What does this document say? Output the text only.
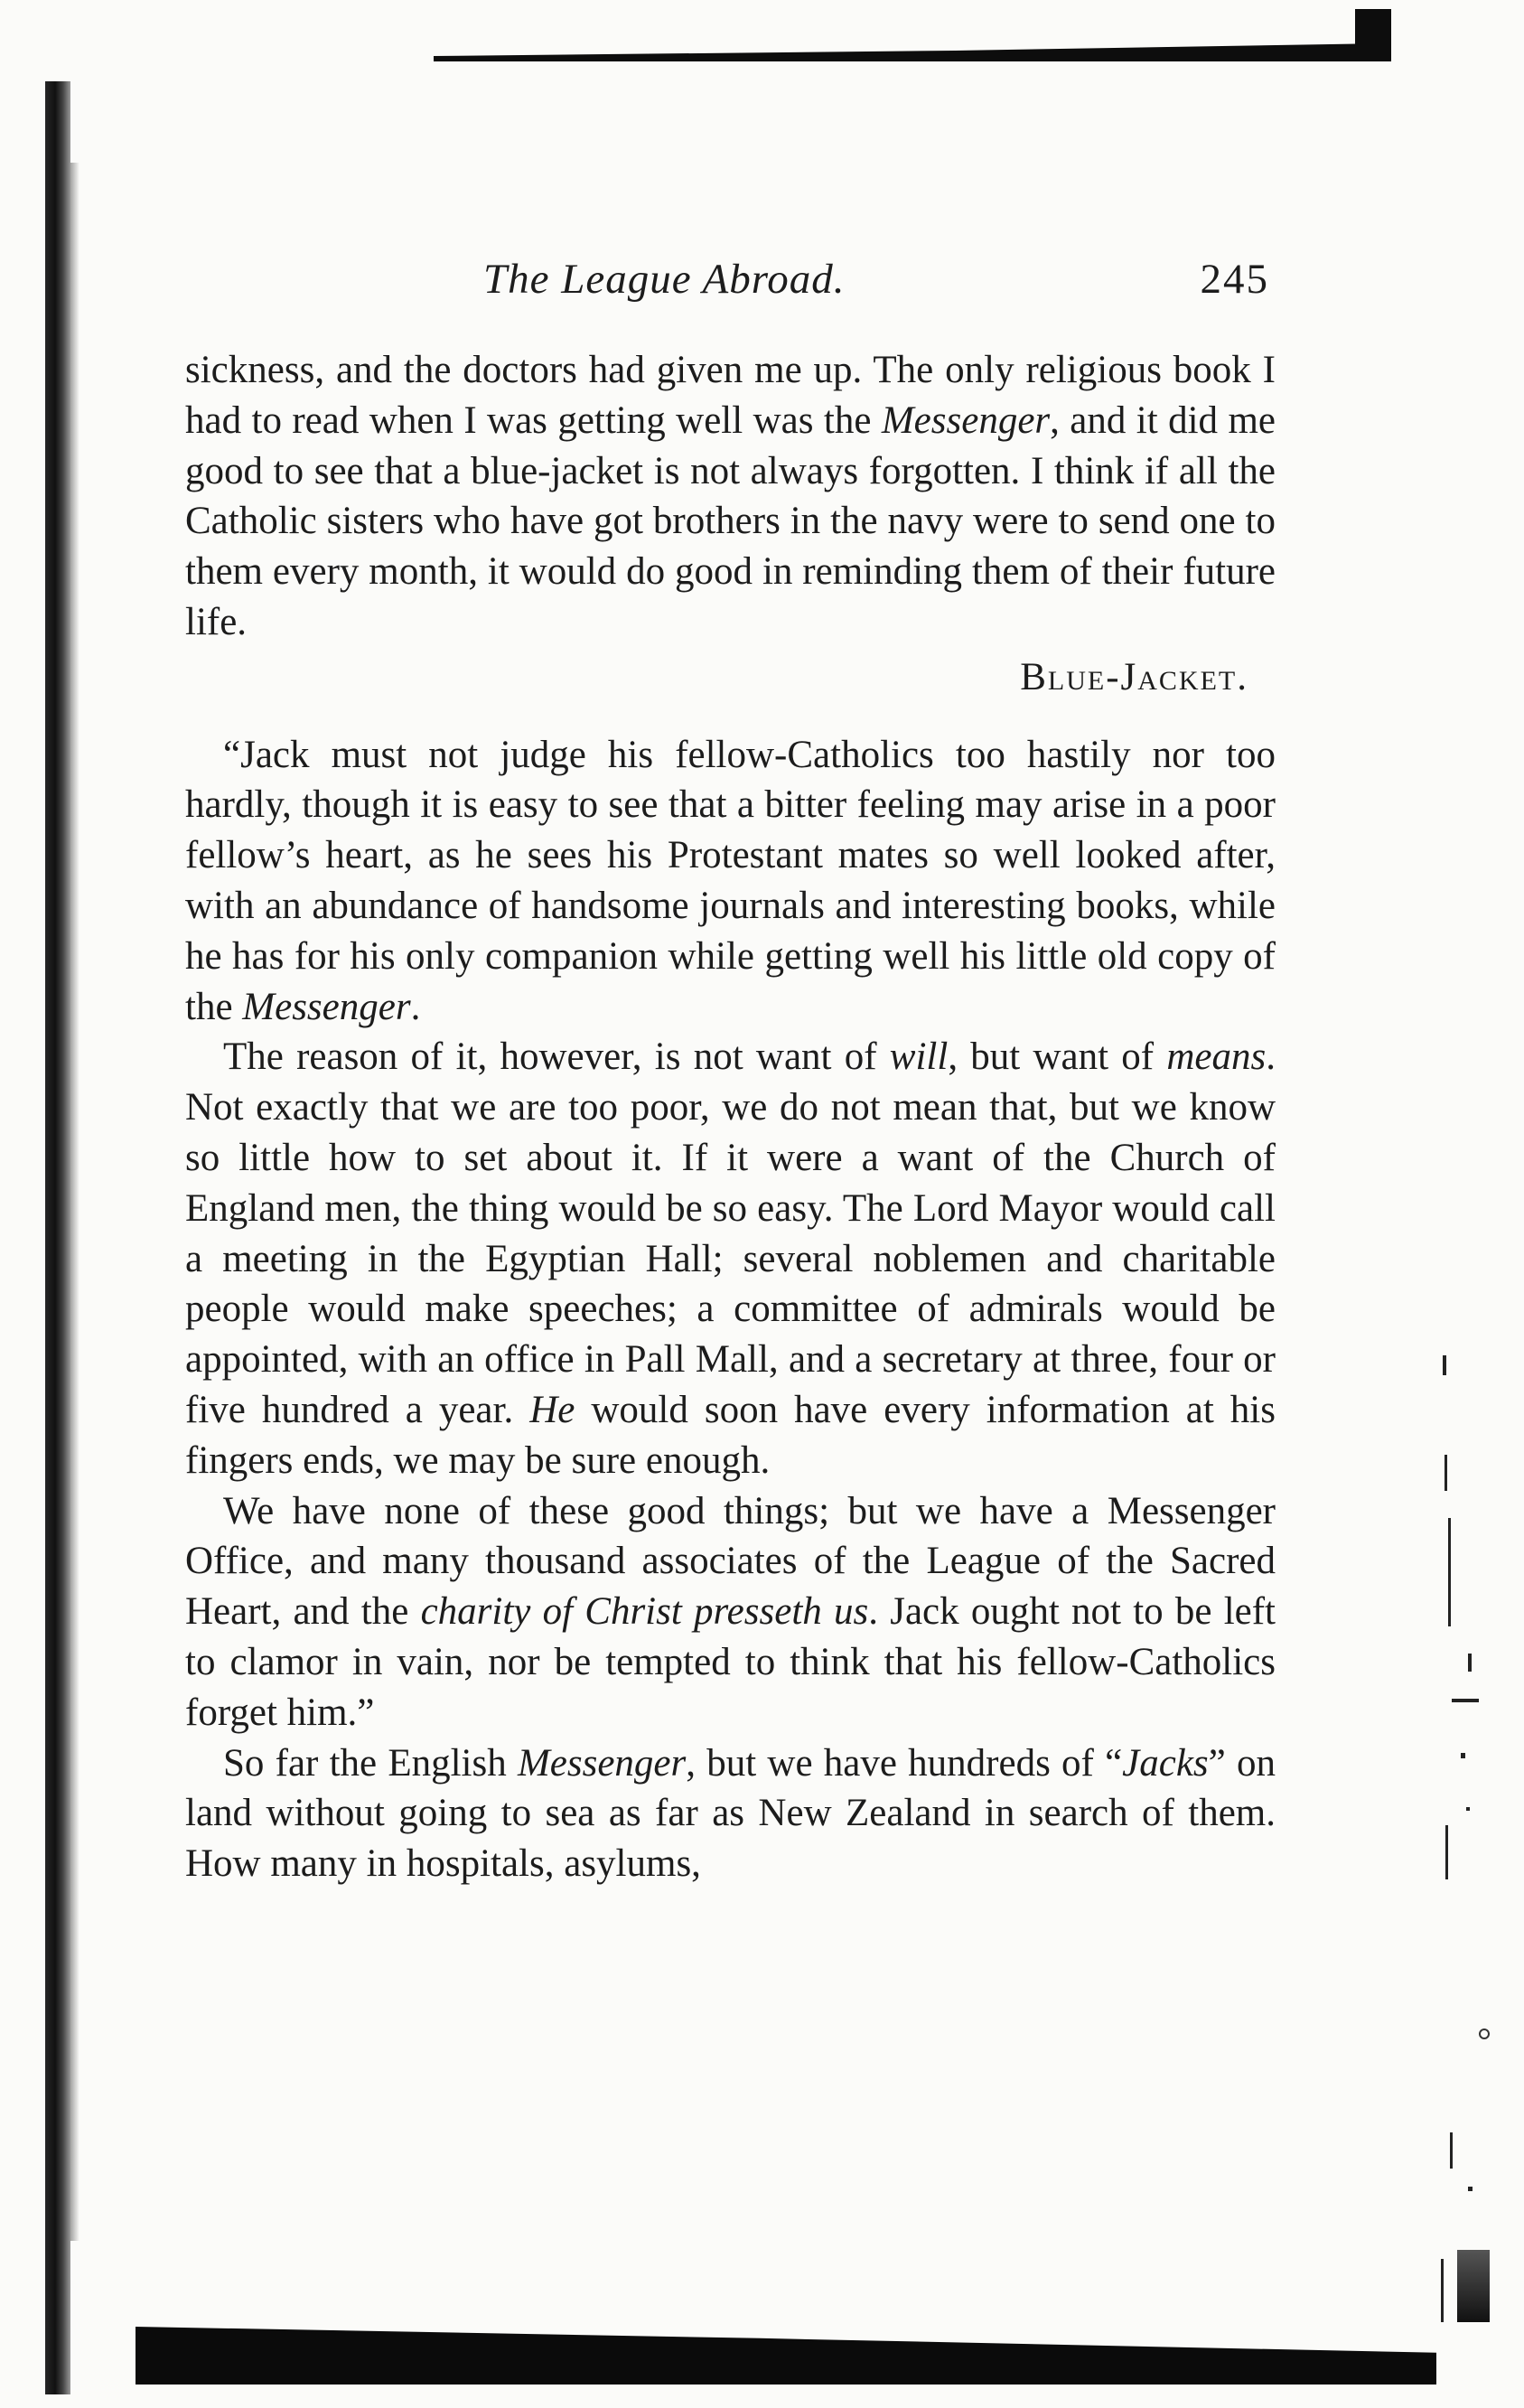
The League Abroad.	245

sickness, and the doctors had given me up. The only religious book I had to read when I was getting well was the Messenger, and it did me good to see that a blue-jacket is not always forgotten. I think if all the Catholic sisters who have got brothers in the navy were to send one to them every month, it would do good in reminding them of their future life.

Blue-Jacket.

“Jack must not judge his fellow-Catholics too hastily nor too hardly, though it is easy to see that a bitter feeling may arise in a poor fellow’s heart, as he sees his Protestant mates so well looked after, with an abundance of handsome journals and interesting books, while he has for his only companion while getting well his little old copy of the Messenger.

The reason of it, however, is not want of will, but want of means. Not exactly that we are too poor, we do not mean that, but we know so little how to set about it. If it were a want of the Church of England men, the thing would be so easy. The Lord Mayor would call a meeting in the Egyptian Hall; several noblemen and charitable people would make speeches; a committee of admirals would be appointed, with an office in Pall Mall, and a secretary at three, four or five hundred a year. He would soon have every information at his fingers ends, we may be sure enough.

We have none of these good things; but we have a Messenger Office, and many thousand associates of the League of the Sacred Heart, and the charity of Christ presseth us. Jack ought not to be left to clamor in vain, nor be tempted to think that his fellow-Catholics forget him.”

So far the English Messenger, but we have hundreds of “Jacks” on land without going to sea as far as New Zealand in search of them. How many in hospitals, asylums,
